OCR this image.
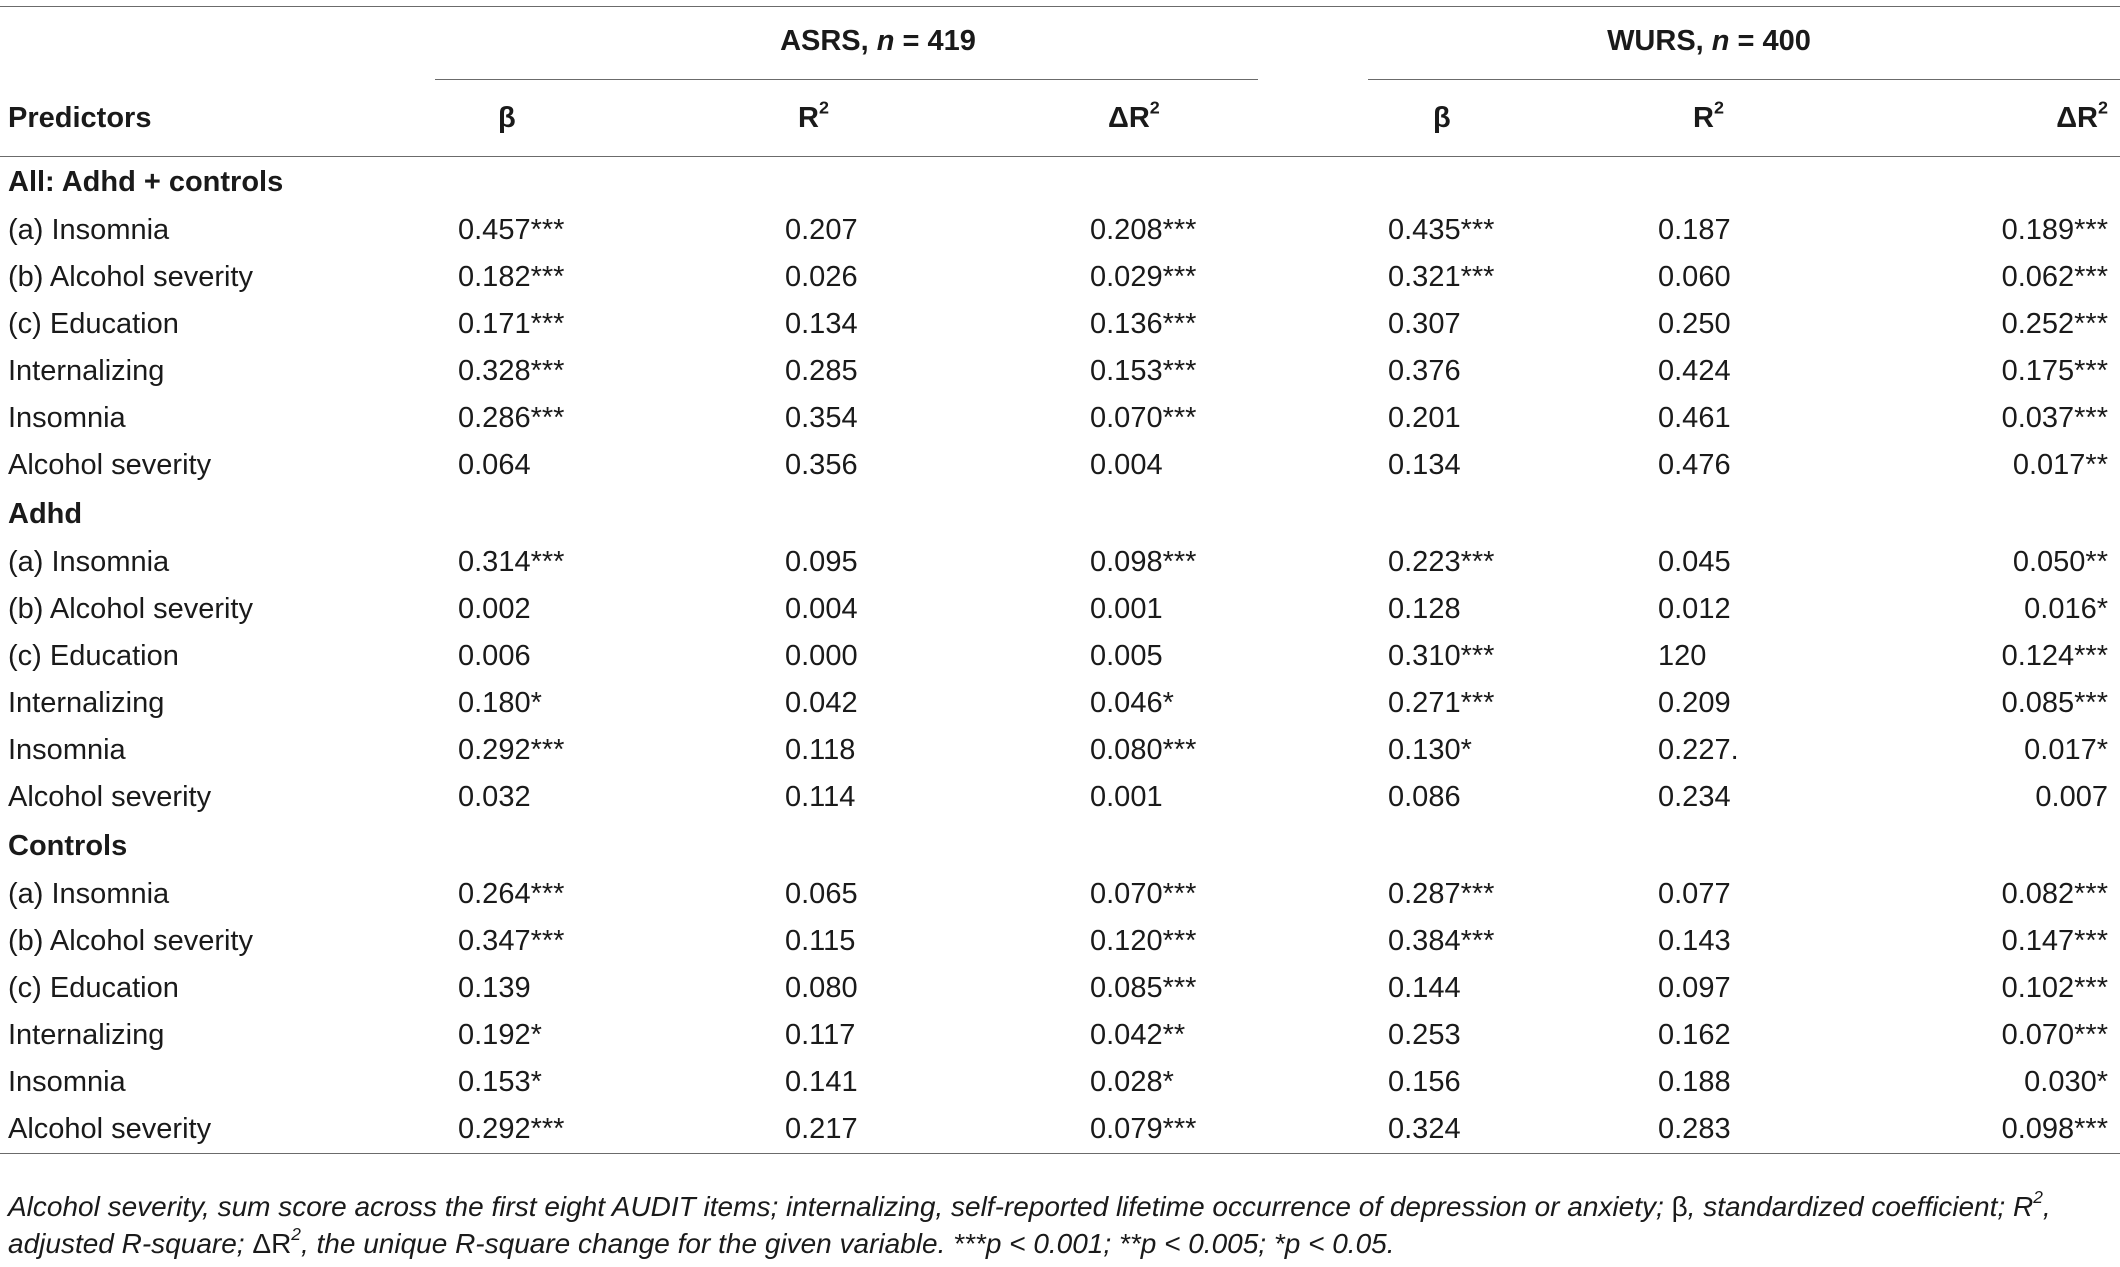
	ASRS, n = 419			WURS, n = 400		

Predictors	β	$R^2$	$\Delta R^2$	β	$R^2$	$\Delta R^2$
All: Adhd + controls						
(a) Insomnia	0.457***	0.207	0.208***	0.435***	0.187	0.189***
(b) Alcohol severity	0.182***	0.026	0.029***	0.321***	0.060	0.062***
(c) Education	0.171***	0.134	0.136***	0.307	0.250	0.252***
Internalizing	0.328***	0.285	0.153***	0.376	0.424	0.175***
Insomnia	0.286***	0.354	0.070***	0.201	0.461	0.037***
Alcohol severity	0.064	0.356	0.004	0.134	0.476	0.017**
Adhd						
(a) Insomnia	0.314***	0.095	0.098***	0.223***	0.045	0.050**
(b) Alcohol severity	0.002	0.004	0.001	0.128	0.012	0.016*
(c) Education	0.006	0.000	0.005	0.310***	120	0.124***
Internalizing	0.180*	0.042	0.046*	0.271***	0.209	0.085***
Insomnia	0.292***	0.118	0.080***	0.130*	0.227.	0.017*
Alcohol severity	0.032	0.114	0.001	0.086	0.234	0.007
Controls						
(a) Insomnia	0.264***	0.065	0.070***	0.287***	0.077	0.082***
(b) Alcohol severity	0.347***	0.115	0.120***	0.384***	0.143	0.147***
(c) Education	0.139	0.080	0.085***	0.144	0.097	0.102***
Internalizing	0.192*	0.117	0.042**	0.253	0.162	0.070***
Insomnia	0.153*	0.141	0.028*	0.156	0.188	0.030*
Alcohol severity	0.292***	0.217	0.079***	0.324	0.283	0.098***
Alcohol severity, sum score across the first eight AUDIT items; internalizing, self-reported lifetime occurrence of depression or anxiety; β, standardized coefficient; $R^2$,
adjusted R-square; $\Delta R^2$, the unique R-square change for the given variable. ***p < 0.001; **p < 0.005; *p < 0.05.
